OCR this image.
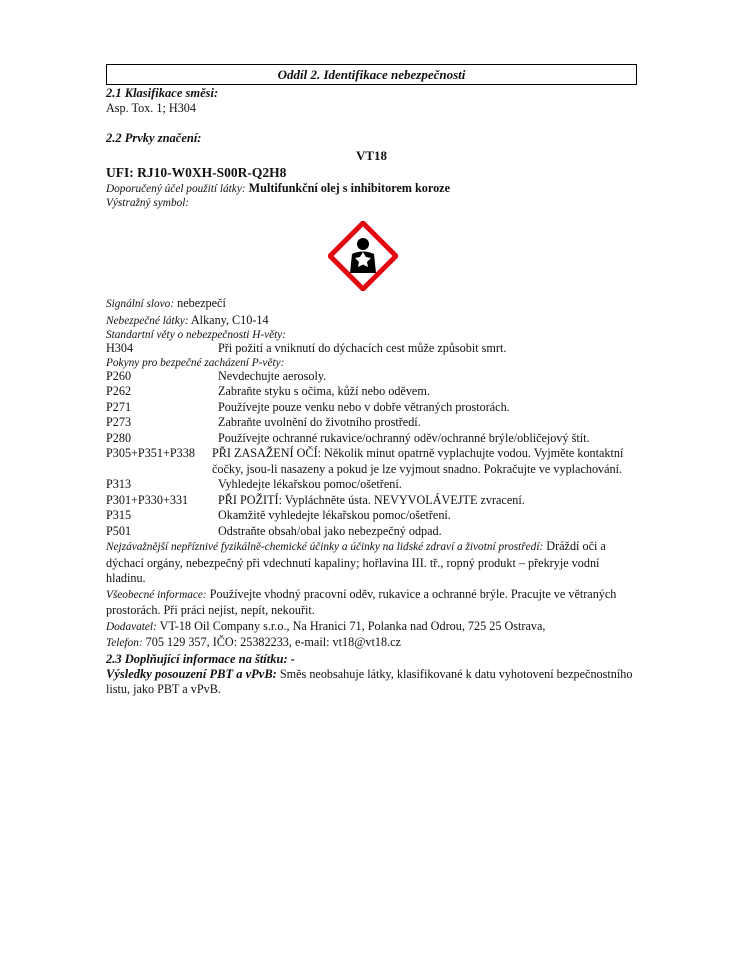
Oddíl 2. Identifikace nebezpečnosti
2.1 Klasifikace směsi:
Asp. Tox. 1; H304
2.2 Prvky značení:
VT18
UFI: RJ10-W0XH-S00R-Q2H8
Doporučený účel použití látky: Multifunkční olej s inhibitorem koroze
Výstražný symbol:
Signální slovo: nebezpečí
Nebezpečné látky: Alkany, C10-14
Standartní věty o nebezpečnosti H-věty:
H304	Při požití a vniknutí do dýchacích cest může způsobit smrt.
Pokyny pro bezpečné zacházení P-věty:
P260	Nevdechujte aerosoly.
P262	Zabraňte styku s očima, kůží nebo oděvem.
P271	Používejte pouze venku nebo v dobře větraných prostorách.
P273	Zabraňte uvolnění do životního prostředí.
P280	Používejte ochranné rukavice/ochranný oděv/ochranné brýle/obličejový štít.
P305+P351+P338	PŘI ZASAŽENÍ OČÍ: Několik minut opatrně vyplachujte vodou. Vyjměte kontaktní čočky, jsou-li nasazeny a pokud je lze vyjmout snadno. Pokračujte ve vyplachování.
P313	Vyhledejte lékařskou pomoc/ošetření.
P301+P330+331	PŘI POŽITÍ: Vypláchněte ústa. NEVYVOLÁVEJTE zvracení.
P315	Okamžitě vyhledejte lékařskou pomoc/ošetření.
P501	Odstraňte obsah/obal jako nebezpečný odpad.
Nejzávažnější nepříznivé fyzikálně-chemické účinky a účinky na lidské zdraví a životní prostředí: Dráždí oči a dýchací orgány, nebezpečný při vdechnutí kapaliny; hořlavina III. tř., ropný produkt – překryje vodní hladinu.
Všeobecné informace: Používejte vhodný pracovní oděv, rukavice a ochranné brýle. Pracujte ve větraných prostorách. Při práci nejíst, nepít, nekouřit.
Dodavatel: VT-18 Oil Company s.r.o., Na Hranici 71, Polanka nad Odrou, 725 25 Ostrava,
Telefon: 705 129 357, IČO: 25382233, e-mail: vt18@vt18.cz
2.3 Doplňující informace na štítku: -
Výsledky posouzení PBT a vPvB: Směs neobsahuje látky, klasifikované k datu vyhotovení bezpečnostního listu, jako PBT a vPvB.
